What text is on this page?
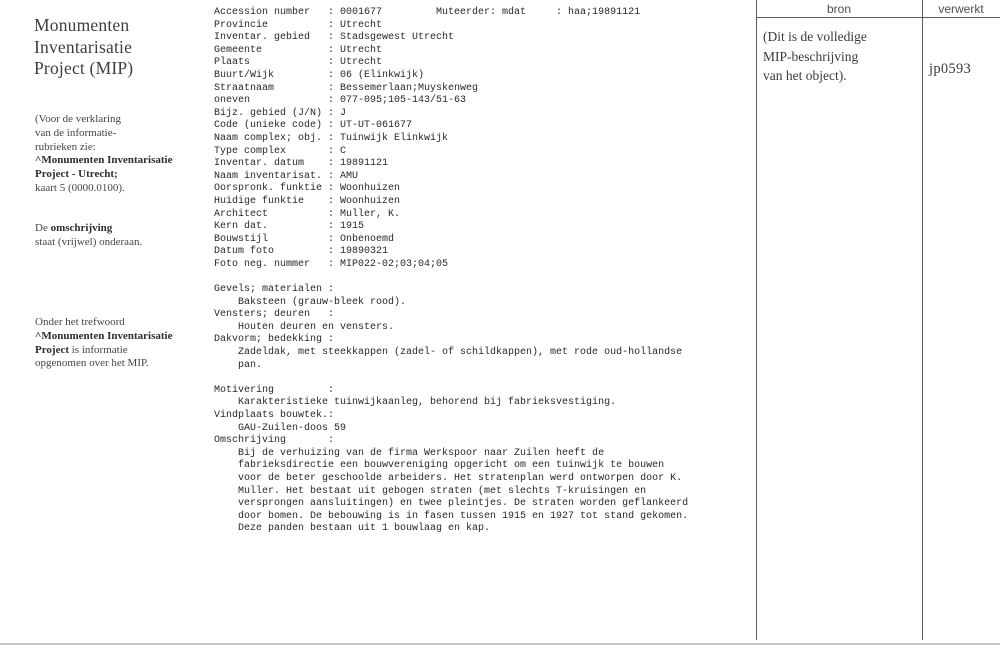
Monumenten
Inventarisatie
Project (MIP)
(Voor de verklaring
van de informatie-
rubrieken zie:
^Monumenten Inventarisatie
Project - Utrecht;
kaart 5 (0000.0100).
De omschrijving
staat (vrijwel) onderaan.
Onder het trefwoord
^Monumenten Inventarisatie
Project is informatie
opgenomen over het MIP.
Accession number   : 0001677         Muteerder: mdat     : haa;19891121
Provincie          : Utrecht
Inventar. gebied   : Stadsgewest Utrecht
Gemeente           : Utrecht
Plaats             : Utrecht
Buurt/Wijk         : 06 (Elinkwijk)
Straatnaam         : Bessemerlaan;Muyskenweg
oneven             : 077-095;105-143/51-63
Bijz. gebied (J/N) : J
Code (unieke code) : UT-UT-061677
Naam complex; obj. : Tuinwijk Elinkwijk
Type complex       : C
Inventar. datum    : 19891121
Naam inventarisat. : AMU
Oorspronk. funktie : Woonhuizen
Huidige funktie    : Woonhuizen
Architect          : Muller, K.
Kern dat.          : 1915
Bouwstijl          : Onbenoemd
Datum foto         : 19890321
Foto neg. nummer   : MIP022-02;03;04;05

Gevels; materialen :
Baksteen (grauw-bleek rood).
Vensters; deuren   :
Houten deuren en vensters.
Dakvorm; bedekking :
Zadeldak, met steekkappen (zadel- of schildkappen), met rode oud-hollandse
pan.

Motivering         :
Karakteristieke tuinwijkaanleg, behorend bij fabrieksvestiging.
Vindplaats bouwtek.:
GAU-Zuilen-doos 59
Omschrijving       :
Bij de verhuizing van de firma Werkspoor naar Zuilen heeft de
fabrieksdirectie een bouwvereniging opgericht om een tuinwijk te bouwen
voor de beter geschoolde arbeiders. Het stratenplan werd ontworpen door K.
Muller. Het bestaat uit gebogen straten (met slechts T-kruisingen en
versprongen aansluitingen) en twee pleintjes. De straten worden geflankeerd
door bomen. De bebouwing is in fasen tussen 1915 en 1927 tot stand gekomen.
Deze panden bestaan uit 1 bouwlaag en kap.
bron	verwerkt
(Dit is de volledige
MIP-beschrijving
van het object).	jp0593
